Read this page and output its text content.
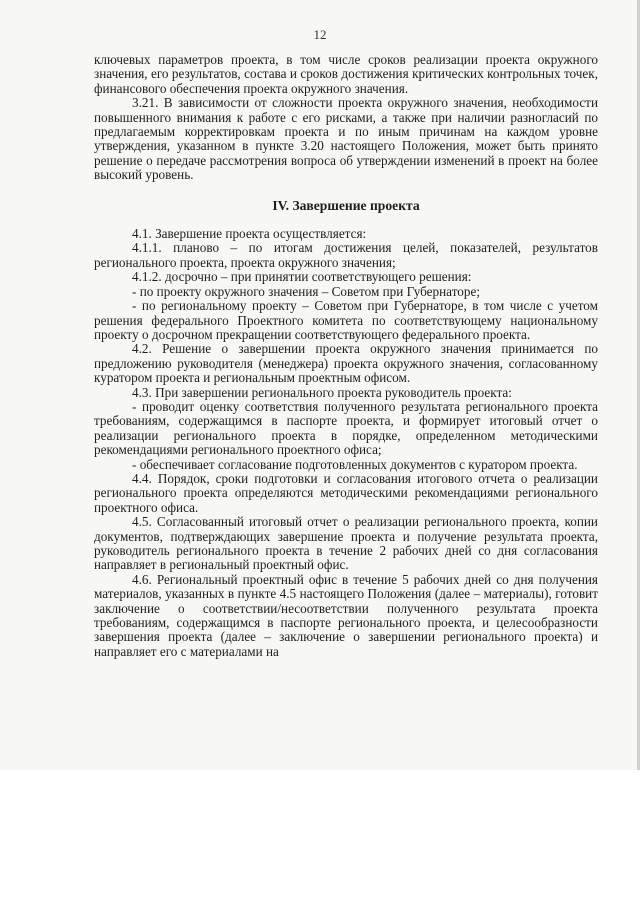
12

ключевых параметров проекта, в том числе сроков реализации проекта окружного значения, его результатов, состава и сроков достижения критических контрольных точек, финансового обеспечения проекта окружного значения.

3.21. В зависимости от сложности проекта окружного значения, необходимости повышенного внимания к работе с его рисками, а также при наличии разногласий по предлагаемым корректировкам проекта и по иным причинам на каждом уровне утверждения, указанном в пункте 3.20 настоящего Положения, может быть принято решение о передаче рассмотрения вопроса об утверждении изменений в проект на более высокий уровень.

IV. Завершение проекта

4.1. Завершение проекта осуществляется:

4.1.1. планово – по итогам достижения целей, показателей, результатов регионального проекта, проекта окружного значения;

4.1.2. досрочно – при принятии соответствующего решения:

- по проекту окружного значения – Советом при Губернаторе;

- по региональному проекту – Советом при Губернаторе, в том числе с учетом решения федерального Проектного комитета по соответствующему национальному проекту о досрочном прекращении соответствующего федерального проекта.

4.2. Решение о завершении проекта окружного значения принимается по предложению руководителя (менеджера) проекта окружного значения, согласованному куратором проекта и региональным проектным офисом.

4.3. При завершении регионального проекта руководитель проекта:

- проводит оценку соответствия полученного результата регионального проекта требованиям, содержащимся в паспорте проекта, и формирует итоговый отчет о реализации регионального проекта в порядке, определенном методическими рекомендациями регионального проектного офиса;

- обеспечивает согласование подготовленных документов с куратором проекта.

4.4. Порядок, сроки подготовки и согласования итогового отчета о реализации регионального проекта определяются методическими рекомендациями регионального проектного офиса.

4.5. Согласованный итоговый отчет о реализации регионального проекта, копии документов, подтверждающих завершение проекта и получение результата проекта, руководитель регионального проекта в течение 2 рабочих дней со дня согласования направляет в региональный проектный офис.

4.6. Региональный проектный офис в течение 5 рабочих дней со дня получения материалов, указанных в пункте 4.5 настоящего Положения (далее – материалы), готовит заключение о соответствии/несоответствии полученного результата проекта требованиям, содержащимся в паспорте регионального проекта, и целесообразности завершения проекта (далее – заключение о завершении регионального проекта) и направляет его с материалами на
